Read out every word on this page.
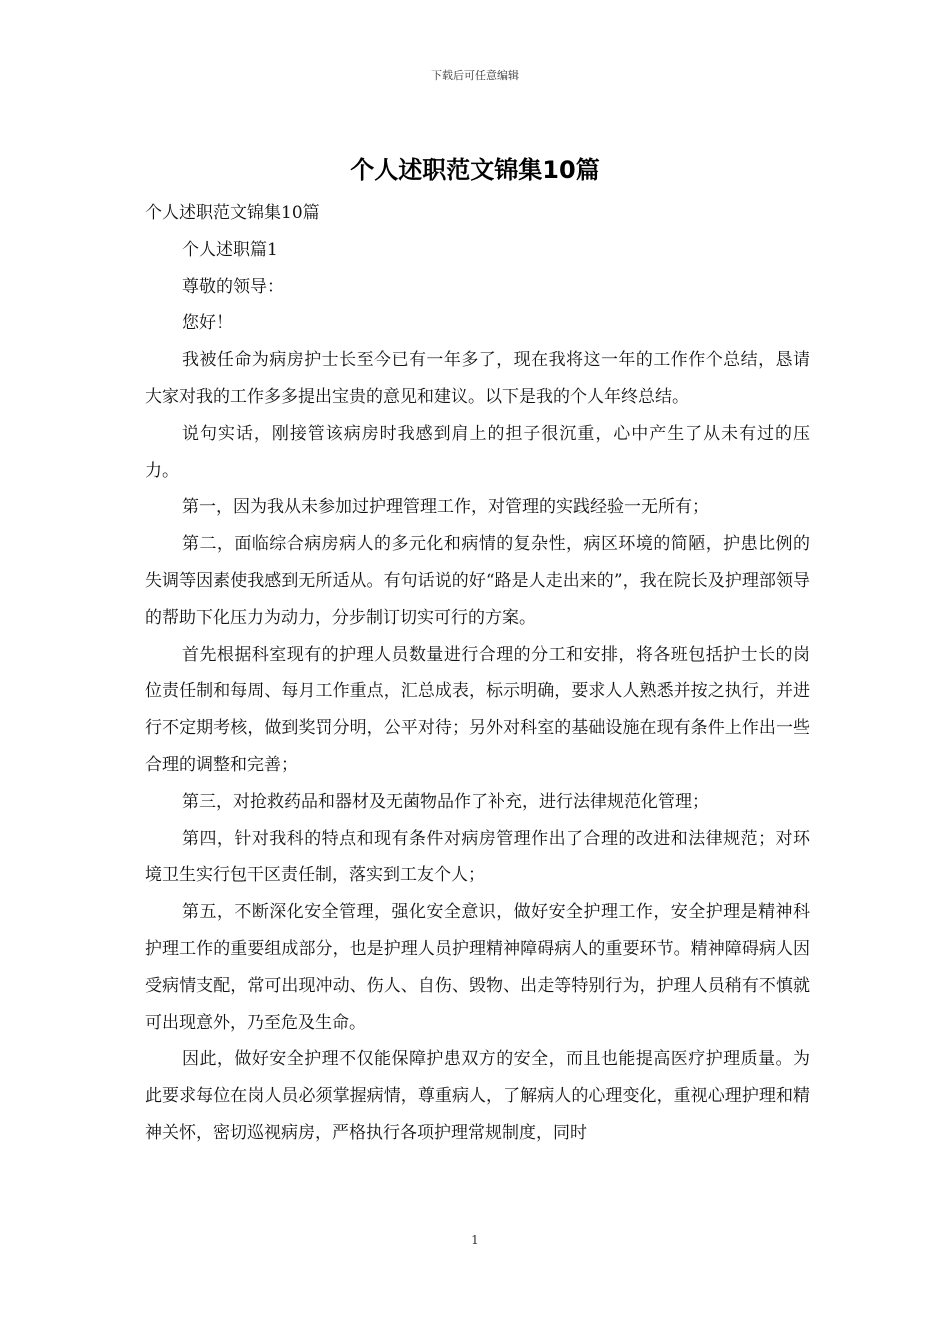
下载后可任意编辑
个人述职范文锦集10篇

个人述职范文锦集10篇

个人述职篇1

尊敬的领导：

您好！

我被任命为病房护士长至今已有一年多了，现在我将这一年的工作作个总结，恳请大家对我的工作多多提出宝贵的意见和建议。以下是我的个人年终总结。

说句实话，刚接管该病房时我感到肩上的担子很沉重，心中产生了从未有过的压力。

第一，因为我从未参加过护理管理工作，对管理的实践经验一无所有；

第二，面临综合病房病人的多元化和病情的复杂性，病区环境的简陋，护患比例的失调等因素使我感到无所适从。有句话说的好“路是人走出来的”，我在院长及护理部领导的帮助下化压力为动力，分步制订切实可行的方案。

首先根据科室现有的护理人员数量进行合理的分工和安排，将各班包括护士长的岗位责任制和每周、每月工作重点，汇总成表，标示明确，要求人人熟悉并按之执行，并进行不定期考核，做到奖罚分明，公平对待；另外对科室的基础设施在现有条件上作出一些合理的调整和完善；

第三，对抢救药品和器材及无菌物品作了补充，进行法律规范化管理；

第四，针对我科的特点和现有条件对病房管理作出了合理的改进和法律规范；对环境卫生实行包干区责任制，落实到工友个人；

第五，不断深化安全管理，强化安全意识，做好安全护理工作，安全护理是精神科护理工作的重要组成部分，也是护理人员护理精神障碍病人的重要环节。精神障碍病人因受病情支配，常可出现冲动、伤人、自伤、毁物、出走等特别行为，护理人员稍有不慎就可出现意外，乃至危及生命。

因此，做好安全护理不仅能保障护患双方的安全，而且也能提高医疗护理质量。为此要求每位在岗人员必须掌握病情，尊重病人，了解病人的心理变化，重视心理护理和精神关怀，密切巡视病房，严格执行各项护理常规制度，同时

1
